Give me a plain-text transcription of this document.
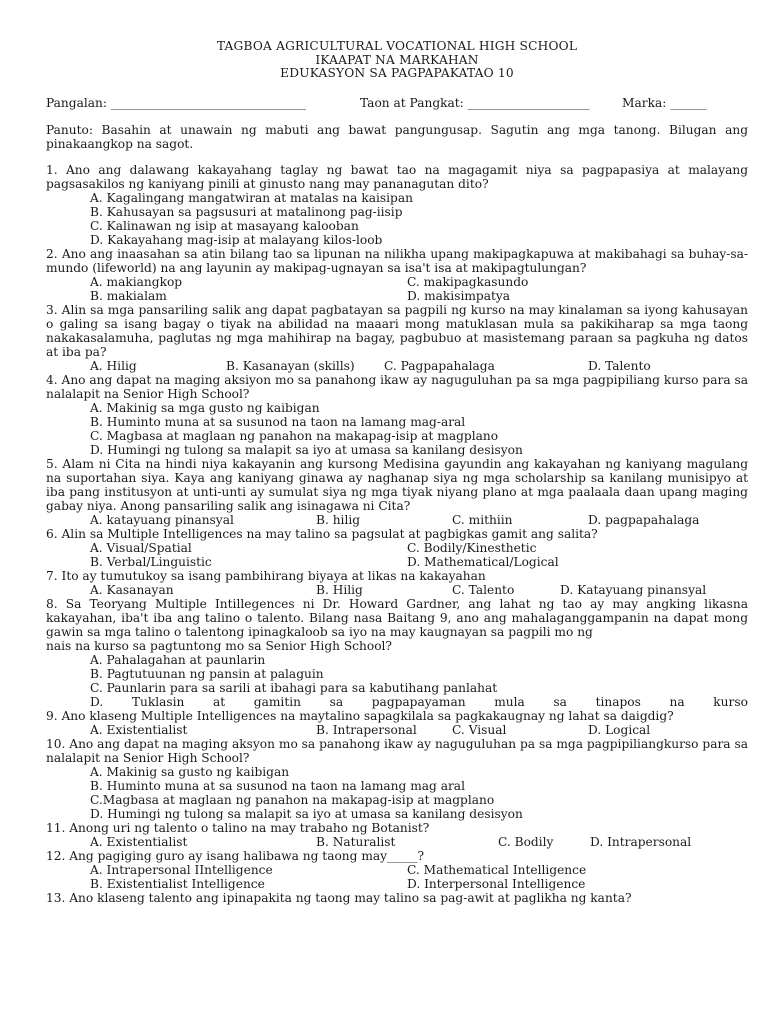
TAGBOA AGRICULTURAL VOCATIONAL HIGH SCHOOL
IKAAPAT NA MARKAHAN
EDUKASYON SA PAGPAPAKATAO 10
Pangalan: ________________________________	Taon at Pangkat: ____________________	Marka: ______
Panuto: Basahin at unawain ng mabuti ang bawat pangungusap. Sagutin ang mga tanong. Bilugan ang pinakaangkop na sagot.
1. Ano ang dalawang kakayahang taglay ng bawat tao na magagamit niya sa pagpapasiya at malayang pagsasakilos ng kaniyang pinili at ginusto nang may pananagutan dito?
A. Kagalingang mangatwiran at matalas na kaisipan
B. Kahusayan sa pagsusuri at matalinong pag-iisip
C. Kalinawan ng isip at masayang kalooban
D. Kakayahang mag-isip at malayang kilos-loob
2. Ano ang inaasahan sa atin bilang tao sa lipunan na nilikha upang makipagkapuwa at makibahagi sa buhay-sa-mundo (lifeworld) na ang layunin ay makipag-ugnayan sa isa't isa at makipagtulungan?
A. makiangkop	C. makipagkasundo
B. makialam	D. makisimpatya
3. Alin sa mga pansariling salik ang dapat pagbatayan sa pagpili ng kurso na may kinalaman sa iyong kahusayan o galing sa isang bagay o tiyak na abilidad na maaari mong matuklasan mula sa pakikiharap sa mga taong nakakasalamuha, paglutas ng mga mahihirap na bagay, pagbubuo at masistemang paraan sa pagkuha ng datos at iba pa?
A. Hilig	B. Kasanayan (skills) C. Pagpapahalaga	D. Talento
4. Ano ang dapat na maging aksiyon mo sa panahong ikaw ay naguguluhan pa sa mga pagpipiliang kurso para sa nalalapit na Senior High School?
A. Makinig sa mga gusto ng kaibigan
B. Huminto muna at sa susunod na taon na lamang mag-aral
C. Magbasa at maglaan ng panahon na makapag-isip at magplano
D. Humingi ng tulong sa malapit sa iyo at umasa sa kanilang desisyon
5. Alam ni Cita na hindi niya kakayanin ang kursong Medisina gayundin ang kakayahan ng kaniyang magulang na suportahan siya. Kaya ang kaniyang ginawa ay naghanap siya ng mga scholarship sa kanilang munisipyo at iba pang institusyon at unti-unti ay sumulat siya ng mga tiyak niyang plano at mga paalaala daan upang maging gabay niya. Anong pansariling salik ang isinagawa ni Cita?
A. katayuang pinansyal	B. hilig	C. mithiin	D. pagpapahalaga
6. Alin sa Multiple Intelligences na may talino sa pagsulat at pagbigkas gamit ang salita?
A. Visual/Spatial	C. Bodily/Kinesthetic
B. Verbal/Linguistic	D. Mathematical/Logical
7. Ito ay tumutukoy sa isang pambihirang biyaya at likas na kakayahan
A. Kasanayan	B. Hilig	C. Talento	D. Katayuang pinansyal
8. Sa Teoryang Multiple Intillegences ni Dr. Howard Gardner, ang lahat ng tao ay may angking likasna kakayahan, iba't iba ang talino o talento. Bilang nasa Baitang 9, ano ang mahalaganggampanin na dapat mong gawin sa mga talino o talentong ipinagkaloob sa iyo na may kaugnayan sa pagpili mo ng
nais na kurso sa pagtuntong mo sa Senior High School?
A. Pahalagahan at paunlarin
B. Pagtutuunan ng pansin at palaguin
C. Paunlarin para sa sarili at ibahagi para sa kabutihang panlahat
D. Tuklasin at gamitin sa pagpapayaman mula sa tinapos na kurso
9. Ano klaseng Multiple Intelligences na maytalino sapagkilala sa pagkakaugnay ng lahat sa daigdig?
A. Existentialist	B. Intrapersonal	C. Visual	D. Logical
10. Ano ang dapat na maging aksyon mo sa panahong ikaw ay naguguluhan pa sa mga pagpipiliangkurso para sa nalalapit na Senior High School?
A. Makinig sa gusto ng kaibigan
B. Huminto muna at sa susunod na taon na lamang mag aral
C.Magbasa at maglaan ng panahon na makapag-isip at magplano
D. Humingi ng tulong sa malapit sa iyo at umasa sa kanilang desisyon
11. Anong uri ng talento o talino na may trabaho ng Botanist?
A. Existentialist	B. Naturalist	C. Bodily	D. Intrapersonal
12. Ang pagiging guro ay isang halibawa ng taong may_____?
A. Intrapersonal IIntelligence	C. Mathematical Intelligence
B. Existentialist Intelligence	D. Interpersonal Intelligence
13. Ano klaseng talento ang ipinapakita ng taong may talino sa pag-awit at paglikha ng kanta?
